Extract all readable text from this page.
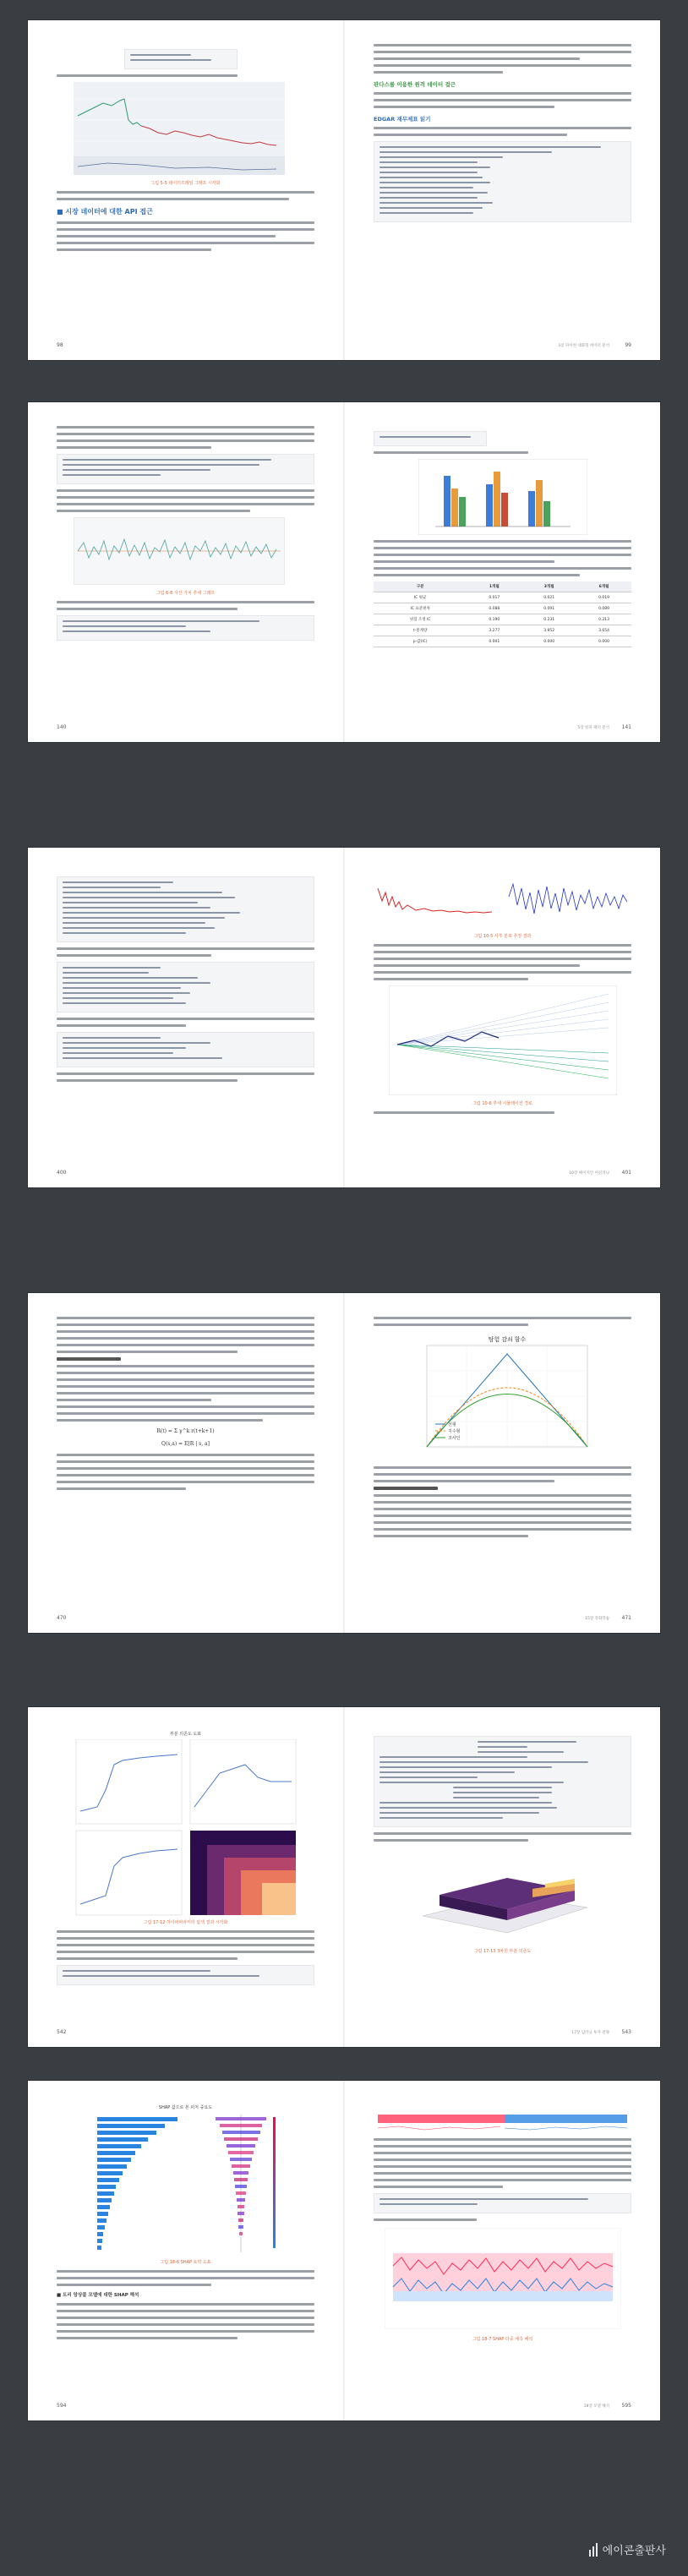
그림 5-5 데이터프레임 그래프 시각화
■ 시장 데이터에 대한 API 접근
98
판다스를 이용한 원격 데이터 접근
EDGAR 재무제표 읽기
3장 파이썬 대화형 데이터 분석	99
그림 6-8 자산 가치 추세 그래프
140
구분	1개월	3개월	6개월
IC 평균	0.017	0.021	0.019
IC 표준편차	0.088	0.091	0.089
위험 조정 IC	0.190	0.231	0.213
t-통계량	3.277	3.952	3.654
p-값(IC)	0.001	0.000	0.000
5장 알파 팩터 분석 141
400
그림 10-5 사후 분포 추정 결과
그림 10-6 추세 시뮬레이션 경로
10장 베이지안 머신러닝 401
R(t) = Σ γ^k r(t+k+1)
Q(s,a) = E[R | s, a]
470
탐험 감쇠 함수
선형
지수형
코사인
15장 강화학습 471
부분 의존도 도표
그림 17-12 하이퍼파라미터 탐색 결과 시각화
542
그림 17-13 3차원 부분 의존도
17장 딥러닝 투자 전략 543
SHAP 값으로 본 피처 중요도
그림 18-6 SHAP 요약 도표
■ 트리 앙상블 모델에 대한 SHAP 해석
594
그림 18-7 SHAP 다중 예측 해석
18장 모델 해석 595
에이콘출판사
